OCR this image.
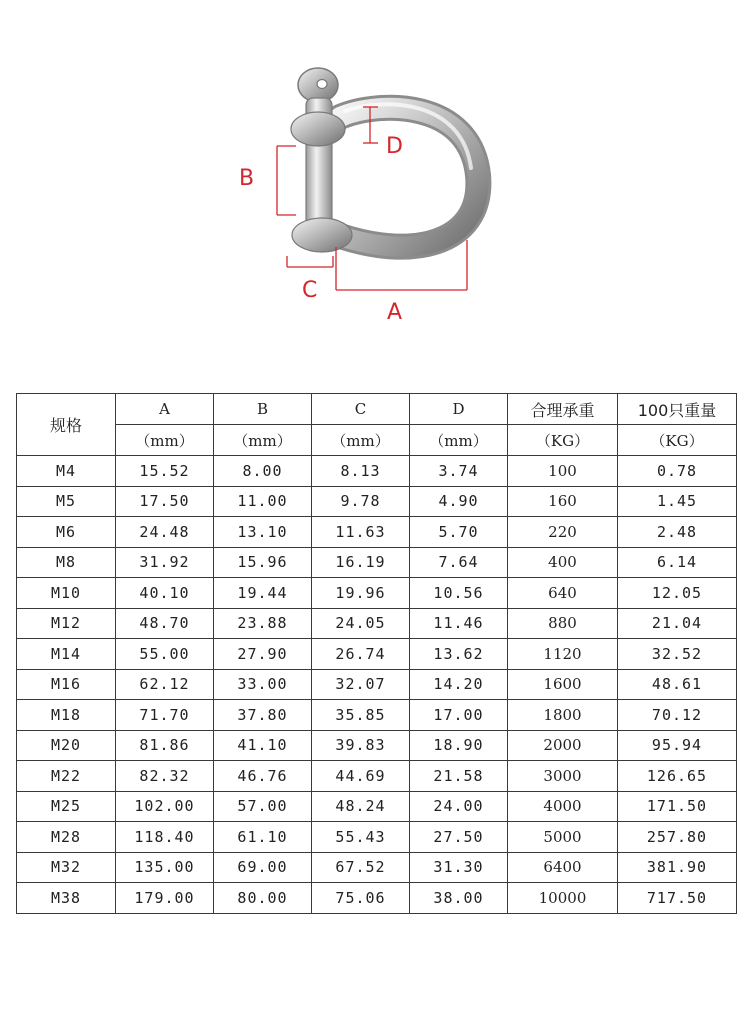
D
B
C
A
规格	A	B	C	D	合理承重	100只重量
	（mm）	（mm）	（mm）	（mm）	（KG）	（KG）
M4	15.52	8.00	8.13	3.74	100	0.78
M5	17.50	11.00	9.78	4.90	160	1.45
M6	24.48	13.10	11.63	5.70	220	2.48
M8	31.92	15.96	16.19	7.64	400	6.14
M10	40.10	19.44	19.96	10.56	640	12.05
M12	48.70	23.88	24.05	11.46	880	21.04
M14	55.00	27.90	26.74	13.62	1120	32.52
M16	62.12	33.00	32.07	14.20	1600	48.61
M18	71.70	37.80	35.85	17.00	1800	70.12
M20	81.86	41.10	39.83	18.90	2000	95.94
M22	82.32	46.76	44.69	21.58	3000	126.65
M25	102.00	57.00	48.24	24.00	4000	171.50
M28	118.40	61.10	55.43	27.50	5000	257.80
M32	135.00	69.00	67.52	31.30	6400	381.90
M38	179.00	80.00	75.06	38.00	10000	717.50
